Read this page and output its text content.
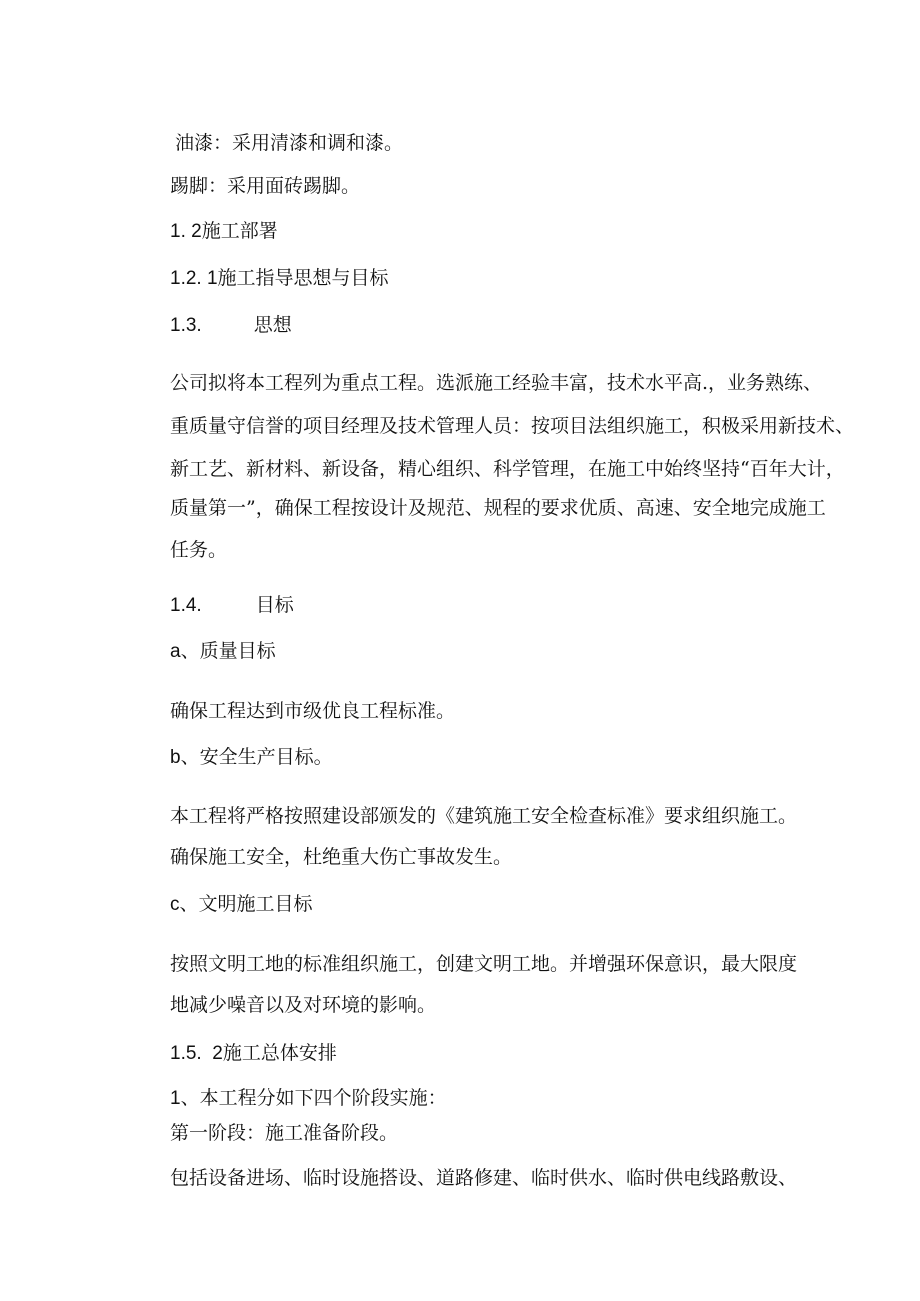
油漆：采用清漆和调和漆。

踢脚：采用面砖踢脚。

1. 2施工部署

1.2. 1施工指导思想与目标

1.3.	思想

公司拟将本工程列为重点工程。选派施工经验丰富，技术水平高.，业务熟练、

重质量守信誉的项目经理及技术管理人员：按项目法组织施工，积极采用新技术、

新工艺、新材料、新设备，精心组织、科学管理，在施工中始终坚持“百年大计，

质量第一”，确保工程按设计及规范、规程的要求优质、高速、安全地完成施工

任务。

1.4.	目标

a、质量目标

确保工程达到市级优良工程标准。

b、安全生产目标。

本工程将严格按照建设部颁发的《建筑施工安全检查标准》要求组织施工。

确保施工安全，杜绝重大伤亡事故发生。

c、文明施工目标

按照文明工地的标准组织施工，创建文明工地。并增强环保意识，最大限度

地减少噪音以及对环境的影响。

1.5.  2施工总体安排

1、本工程分如下四个阶段实施：

第一阶段：施工准备阶段。

包括设备进场、临时设施搭设、道路修建、临时供水、临时供电线路敷设、
